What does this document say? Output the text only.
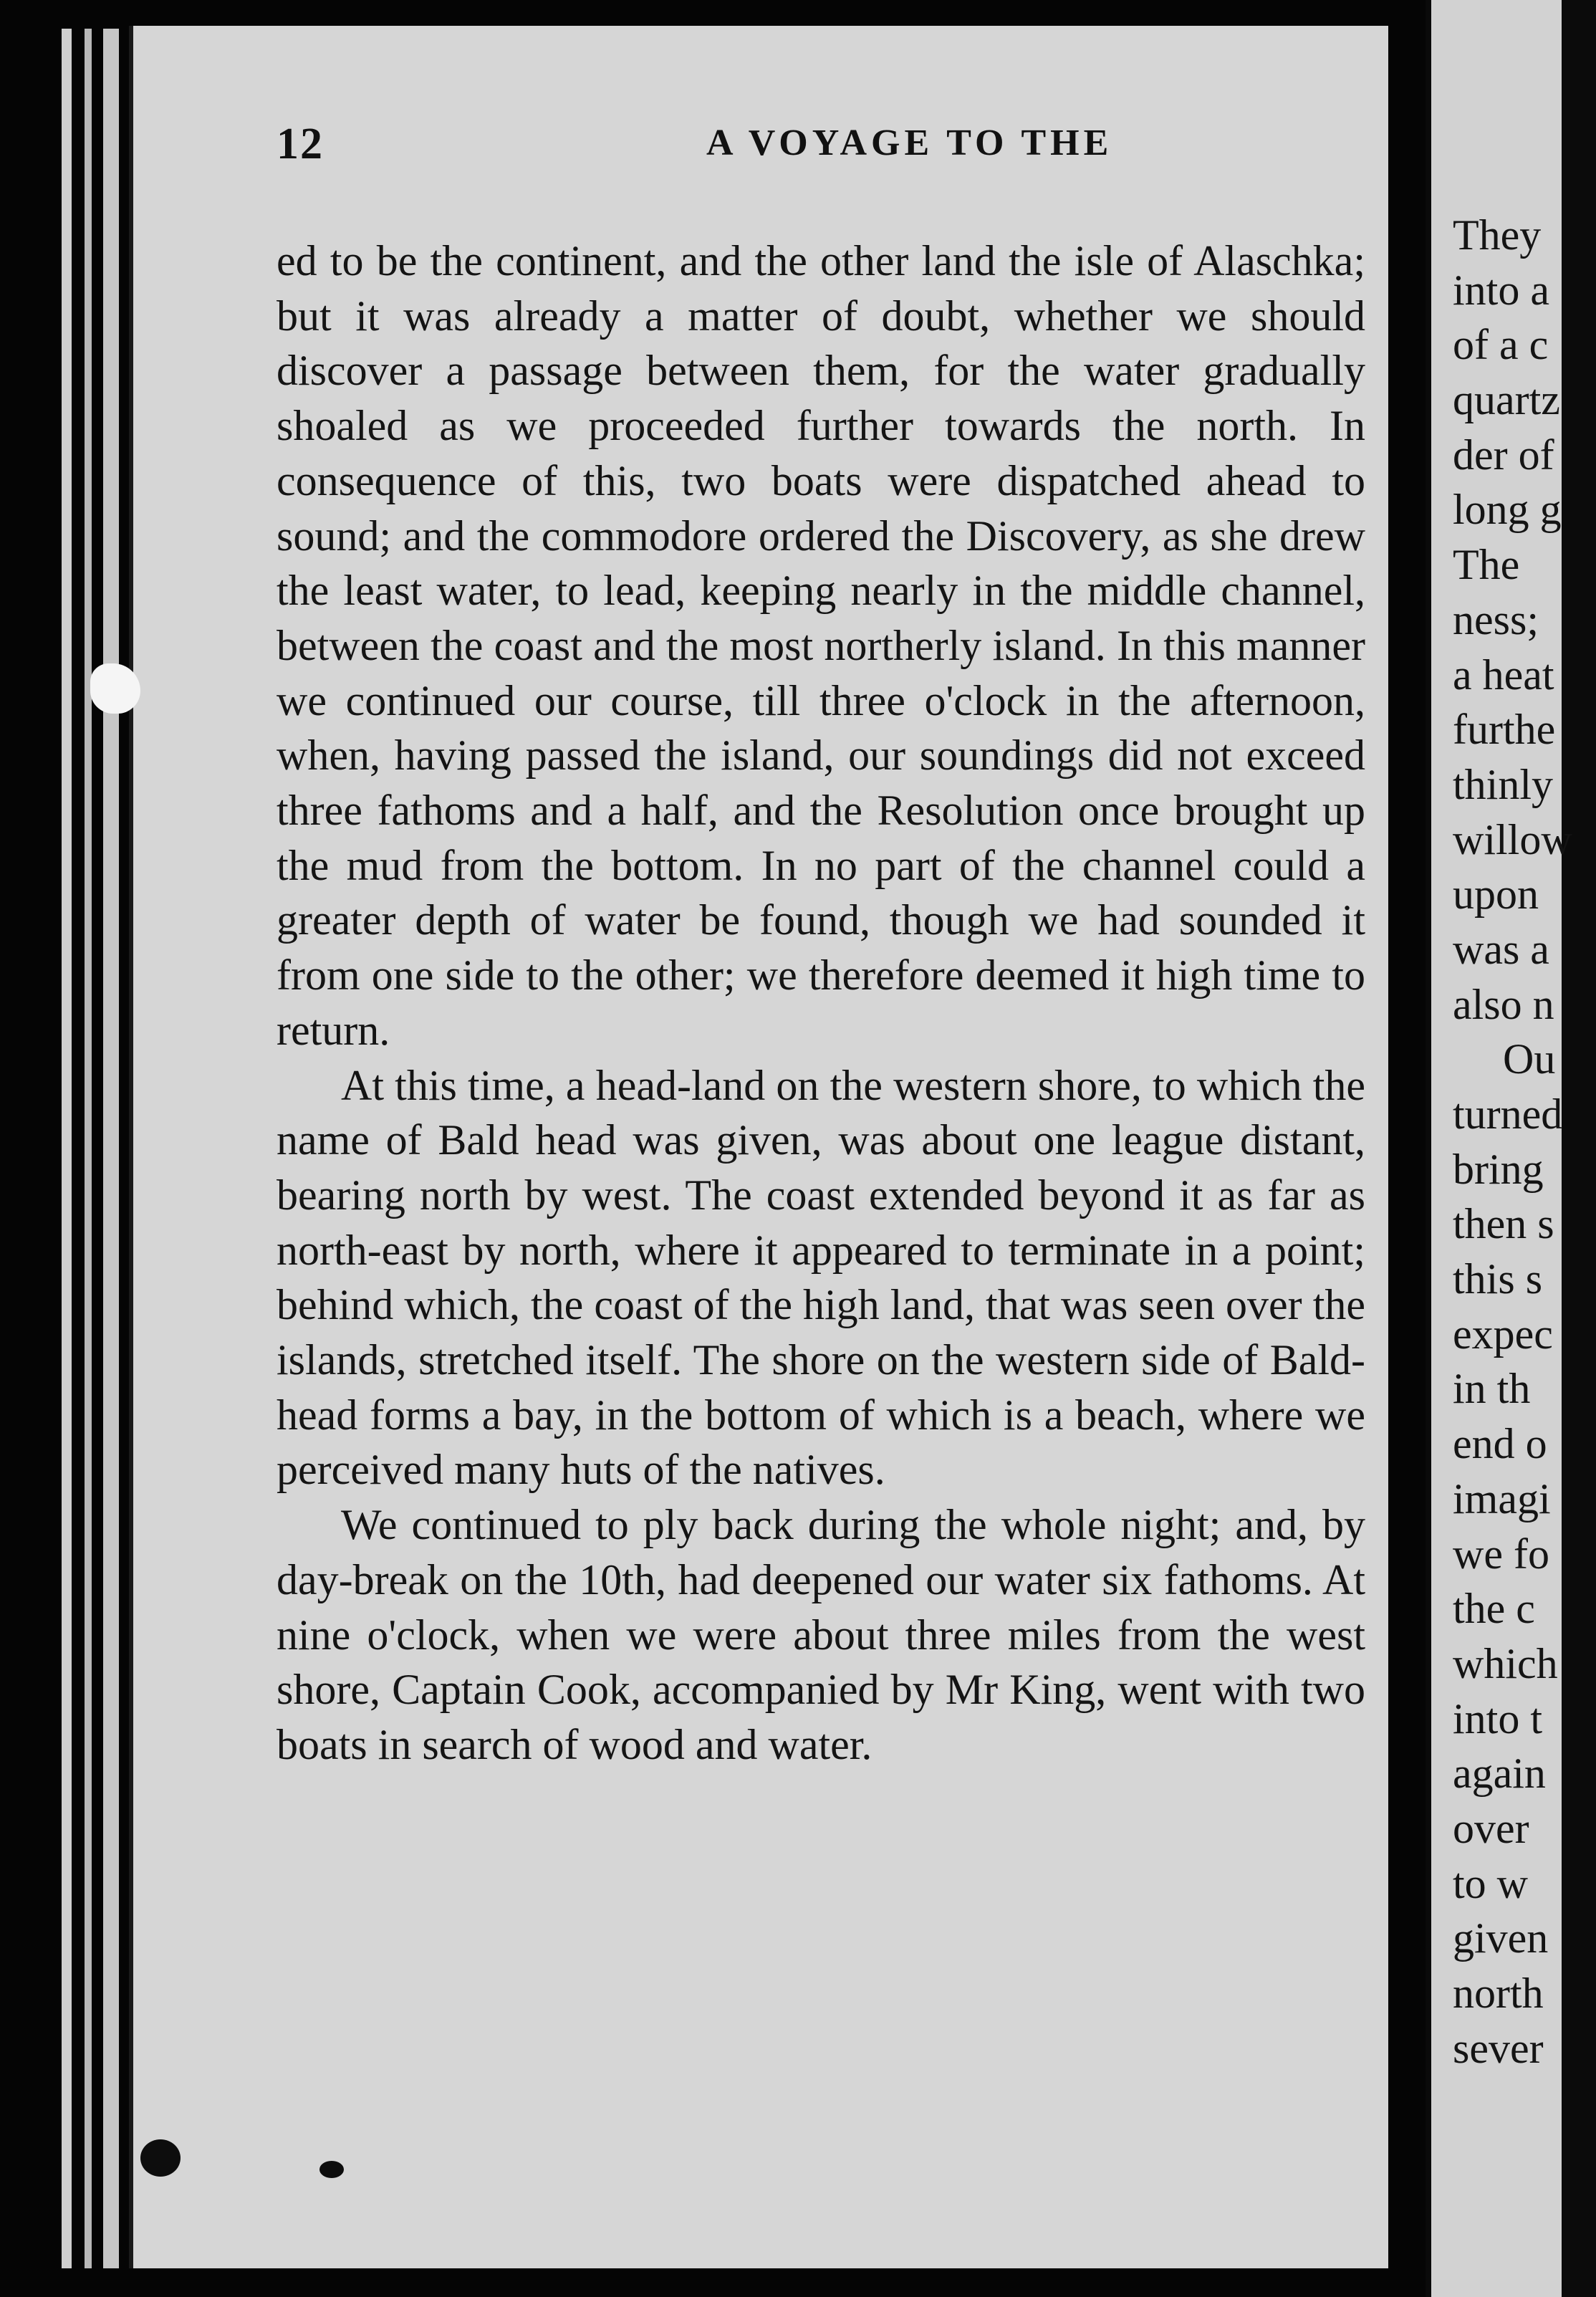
12	A VOYAGE TO THE

ed to be the continent, and the other land the isle of Alaschka; but it was already a matter of doubt, whether we should discover a passage between them, for the water gradually shoaled as we proceeded further towards the north. In consequence of this, two boats were dispatched ahead to sound; and the commodore ordered the Discovery, as she drew the least water, to lead, keeping nearly in the middle channel, between the coast and the most northerly island. In this manner we continued our course, till three o'clock in the afternoon, when, having passed the island, our soundings did not exceed three fathoms and a half, and the Resolution once brought up the mud from the bottom. In no part of the channel could a greater depth of water be found, though we had sounded it from one side to the other; we therefore deemed it high time to return.

At this time, a head-land on the western shore, to which the name of Bald head was given, was about one league distant, bearing north by west. The coast extended beyond it as far as north-east by north, where it appeared to terminate in a point; behind which, the coast of the high land, that was seen over the islands, stretched itself. The shore on the western side of Bald-head forms a bay, in the bottom of which is a beach, where we perceived many huts of the natives.

We continued to ply back during the whole night; and, by day-break on the 10th, had deepened our water six fathoms. At nine o'clock, when we were about three miles from the west shore, Captain Cook, accompanied by Mr King, went with two boats in search of wood and water.

They
into a
of a c
quartz
der of
long g
The
ness;
a heat
furthe
thinly
willow
upon
was a
also n
Ou
turned
bring
then s
this s
expec
in th
end o
imagi
we fo
the c
which
into t
again
over
to w
given
north
sever
